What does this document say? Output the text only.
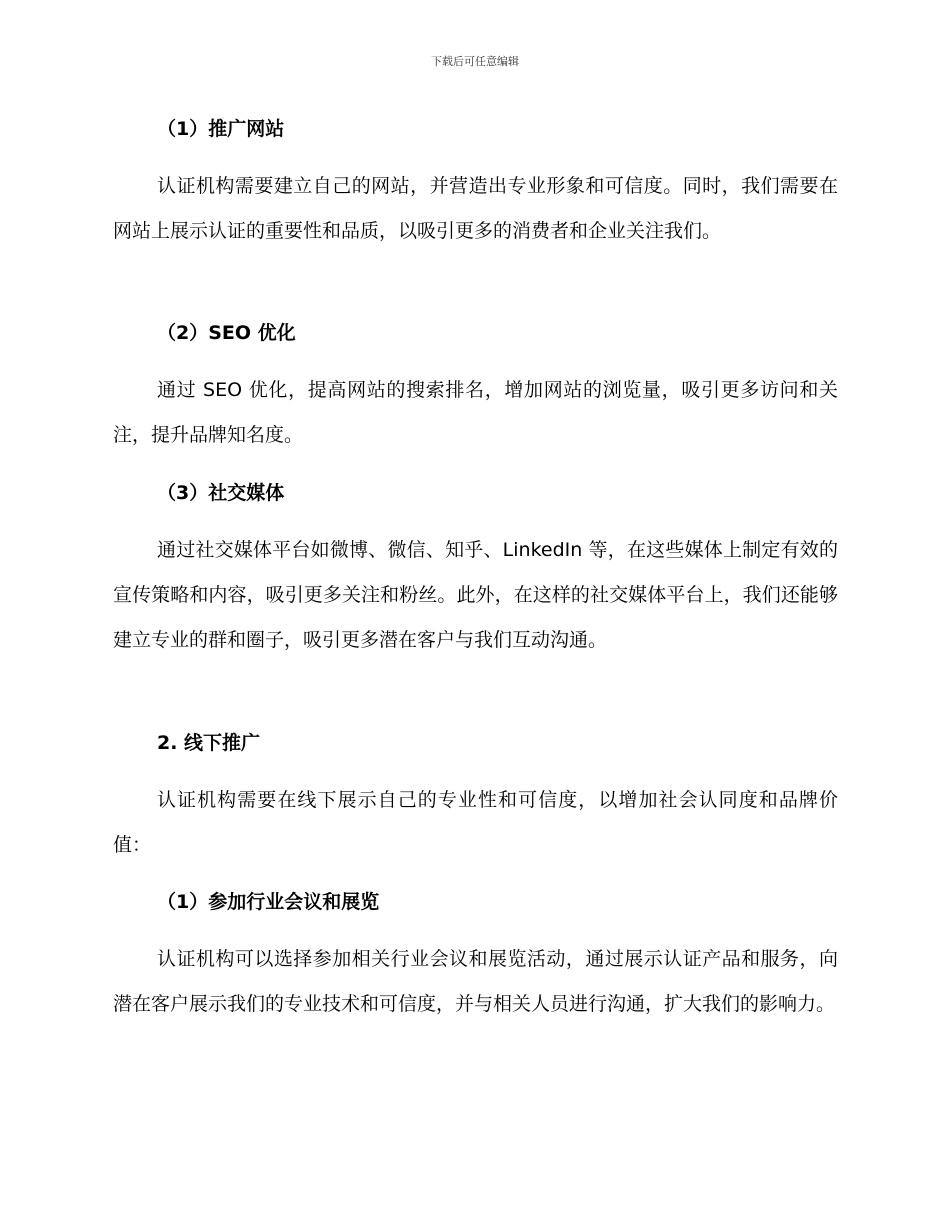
下载后可任意编辑
（1）推广网站
认证机构需要建立自己的网站，并营造出专业形象和可信度。同时，我们需要在网站上展示认证的重要性和品质，以吸引更多的消费者和企业关注我们。
（2）SEO 优化
通过 SEO 优化，提高网站的搜索排名，增加网站的浏览量，吸引更多访问和关注，提升品牌知名度。
（3）社交媒体
通过社交媒体平台如微博、微信、知乎、LinkedIn 等，在这些媒体上制定有效的宣传策略和内容，吸引更多关注和粉丝。此外，在这样的社交媒体平台上，我们还能够建立专业的群和圈子，吸引更多潜在客户与我们互动沟通。
2. 线下推广
认证机构需要在线下展示自己的专业性和可信度，以增加社会认同度和品牌价值：
（1）参加行业会议和展览
认证机构可以选择参加相关行业会议和展览活动，通过展示认证产品和服务，向潜在客户展示我们的专业技术和可信度，并与相关人员进行沟通，扩大我们的影响力。
